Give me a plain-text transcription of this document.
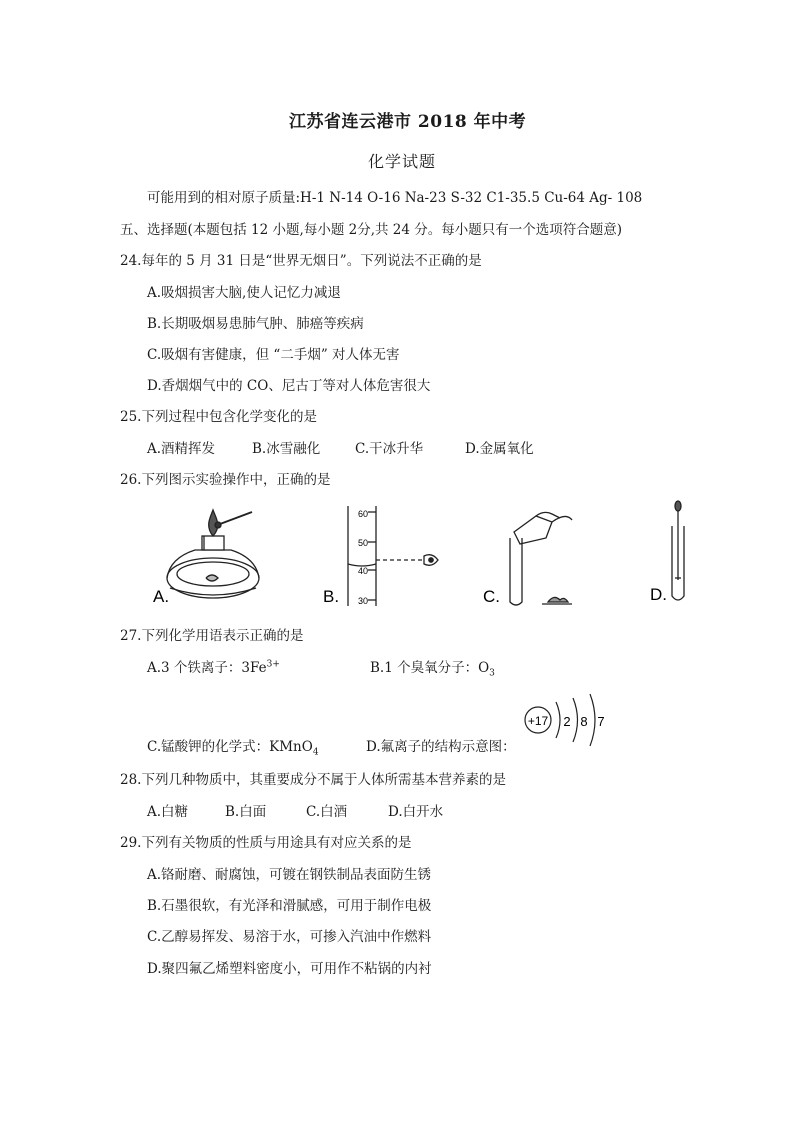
江苏省连云港市 2018 年中考
化学试题
可能用到的相对原子质量:H-1 N-14 O-16 Na-23 S-32 C1-35.5 Cu-64 Ag- 108
五、选择题(本题包括 12 小题,每小题 2分,共 24 分。每小题只有一个选项符合题意)
24.每年的 5 月 31 日是“世界无烟日”。下列说法不正确的是
A.吸烟损害大脑,使人记忆力减退
B.长期吸烟易患肺气肿、肺癌等疾病
C.吸烟有害健康，但 “二手烟” 对人体无害
D.香烟烟气中的 CO、尼古丁等对人体危害很大
25.下列过程中包含化学变化的是
A.酒精挥发	B.冰雪融化	C.干冰升华	D.金属氧化
26.下列图示实验操作中，正确的是
A.
60
50
40
30
B.	C.	D.
27.下列化学用语表示正确的是
A.3 个铁离子：$3Fe^{3+}$	B.1 个臭氧分子：$O_3$
+17 2 8 7
C.锰酸钾的化学式：KMnO$_4$	D.氟离子的结构示意图：
28.下列几种物质中，其重要成分不属于人体所需基本营养素的是
A.白糖	B.白面	C.白酒	D.白开水
29.下列有关物质的性质与用途具有对应关系的是
A.铬耐磨、耐腐蚀，可镀在钢铁制品表面防生锈
B.石墨很软，有光泽和滑腻感，可用于制作电极
C.乙醇易挥发、易溶于水，可掺入汽油中作燃料
D.聚四氟乙烯塑料密度小，可用作不粘锅的内衬
